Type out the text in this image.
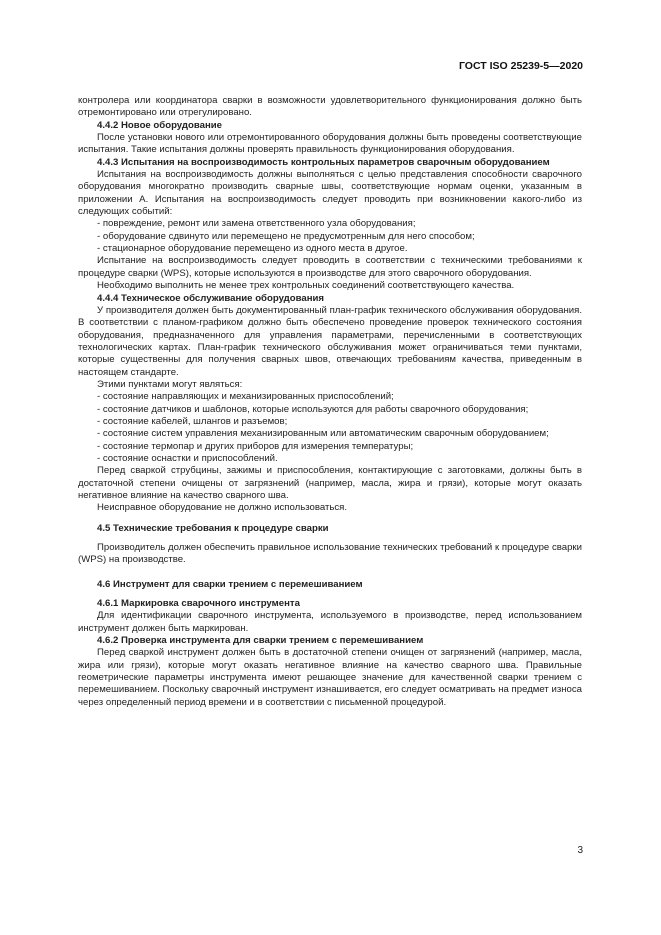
ГОСТ ISO 25239-5—2020

контролера или координатора сварки в возможности удовлетворительного функционирования должно быть отремонтировано или отрегулировано.

4.4.2 Новое оборудование

После установки нового или отремонтированного оборудования должны быть проведены соответствующие испытания. Такие испытания должны проверять правильность функционирования оборудования.

4.4.3 Испытания на воспроизводимость контрольных параметров сварочным оборудованием

Испытания на воспроизводимость должны выполняться с целью представления способности сварочного оборудования многократно производить сварные швы, соответствующие нормам оценки, указанным в приложении А. Испытания на воспроизводимость следует проводить при возникновении какого-либо из следующих событий:

- повреждение, ремонт или замена ответственного узла оборудования;

- оборудование сдвинуто или перемещено не предусмотренным для него способом;

- стационарное оборудование перемещено из одного места в другое.

Испытание на воспроизводимость следует проводить в соответствии с техническими требованиями к процедуре сварки (WPS), которые используются в производстве для этого сварочного оборудования.

Необходимо выполнить не менее трех контрольных соединений соответствующего качества.

4.4.4 Техническое обслуживание оборудования

У производителя должен быть документированный план-график технического обслуживания оборудования. В соответствии с планом-графиком должно быть обеспечено проведение проверок технического состояния оборудования, предназначенного для управления параметрами, перечисленными в соответствующих технологических картах. План-график технического обслуживания может ограничиваться теми пунктами, которые существенны для получения сварных швов, отвечающих требованиям качества, приведенным в настоящем стандарте.

Этими пунктами могут являться:

- состояние направляющих и механизированных приспособлений;

- состояние датчиков и шаблонов, которые используются для работы сварочного оборудования;

- состояние кабелей, шлангов и разъемов;

- состояние систем управления механизированным или автоматическим сварочным оборудованием;

- состояние термопар и других приборов для измерения температуры;

- состояние оснастки и приспособлений.

Перед сваркой струбцины, зажимы и приспособления, контактирующие с заготовками, должны быть в достаточной степени очищены от загрязнений (например, масла, жира и грязи), которые могут оказать негативное влияние на качество сварного шва.

Неисправное оборудование не должно использоваться.

4.5 Технические требования к процедуре сварки

Производитель должен обеспечить правильное использование технических требований к процедуре сварки (WPS) на производстве.

4.6 Инструмент для сварки трением с перемешиванием

4.6.1 Маркировка сварочного инструмента

Для идентификации сварочного инструмента, используемого в производстве, перед использованием инструмент должен быть маркирован.

4.6.2 Проверка инструмента для сварки трением с перемешиванием

Перед сваркой инструмент должен быть в достаточной степени очищен от загрязнений (например, масла, жира или грязи), которые могут оказать негативное влияние на качество сварного шва. Правильные геометрические параметры инструмента имеют решающее значение для качественной сварки трением с перемешиванием. Поскольку сварочный инструмент изнашивается, его следует осматривать на предмет износа через определенный период времени и в соответствии с письменной процедурой.

3
